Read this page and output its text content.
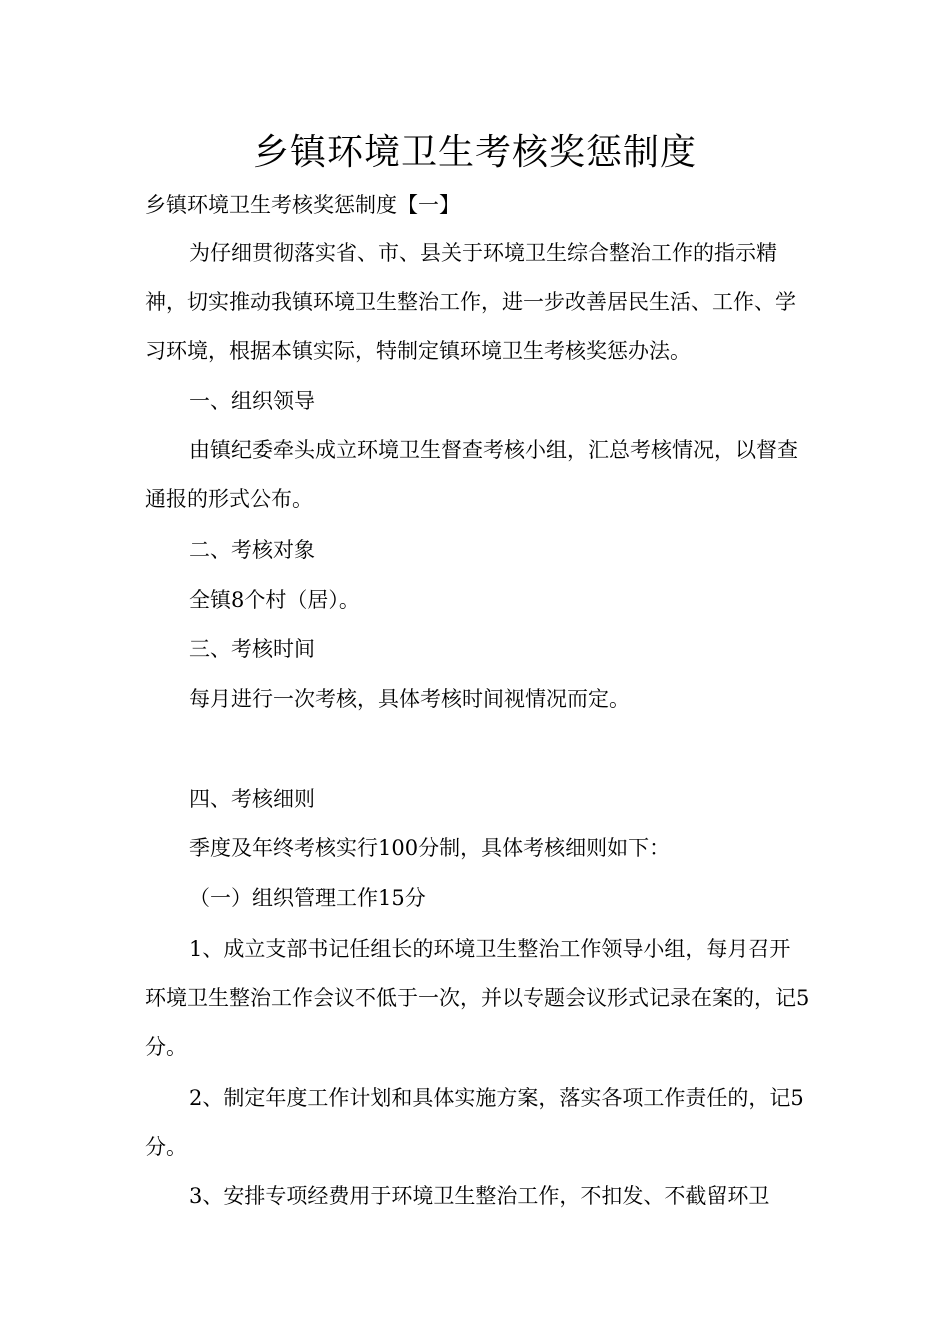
乡镇环境卫生考核奖惩制度

乡镇环境卫生考核奖惩制度【一】

为仔细贯彻落实省、市、县关于环境卫生综合整治工作的指示精神，切实推动我镇环境卫生整治工作，进一步改善居民生活、工作、学习环境，根据本镇实际，特制定镇环境卫生考核奖惩办法。

一、组织领导

由镇纪委牵头成立环境卫生督查考核小组，汇总考核情况，以督查通报的形式公布。

二、考核对象

全镇8个村（居）。

三、考核时间

每月进行一次考核，具体考核时间视情况而定。

四、考核细则

季度及年终考核实行100分制，具体考核细则如下：

（一）组织管理工作15分

1、成立支部书记任组长的环境卫生整治工作领导小组，每月召开环境卫生整治工作会议不低于一次，并以专题会议形式记录在案的，记5分。

2、制定年度工作计划和具体实施方案，落实各项工作责任的，记5分。

3、安排专项经费用于环境卫生整治工作，不扣发、不截留环卫
